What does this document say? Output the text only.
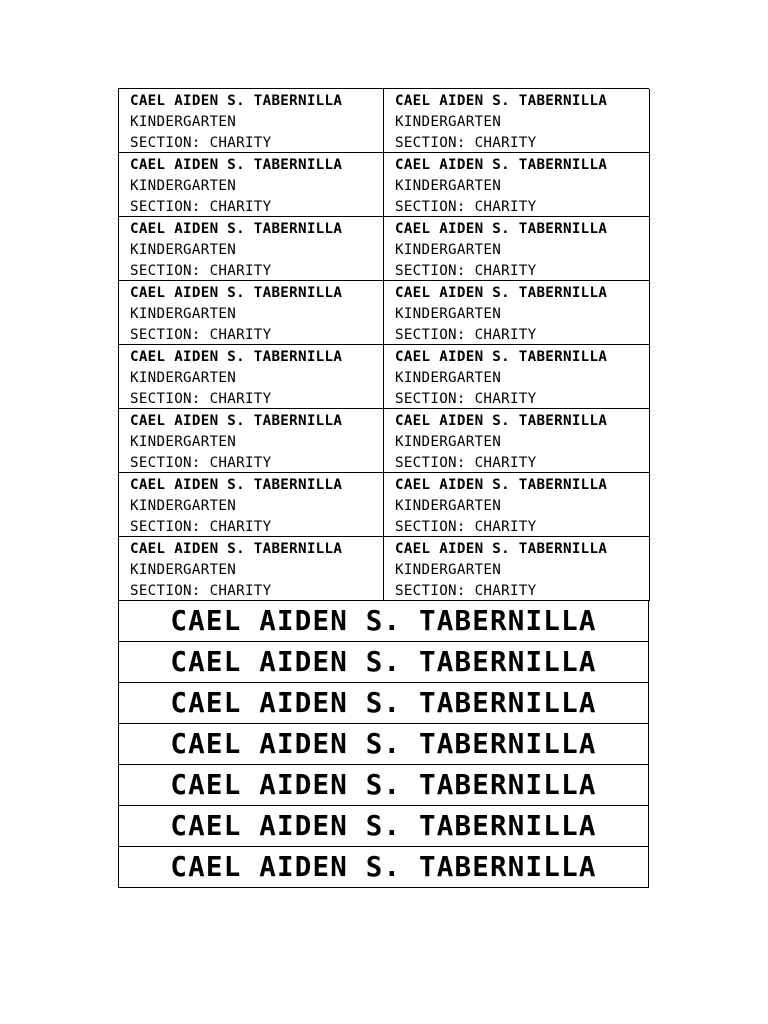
CAEL AIDEN S. TABERNILLA
KINDERGARTEN
SECTION: CHARITY
CAEL AIDEN S. TABERNILLA
KINDERGARTEN
SECTION: CHARITY
CAEL AIDEN S. TABERNILLA
KINDERGARTEN
SECTION: CHARITY
CAEL AIDEN S. TABERNILLA
KINDERGARTEN
SECTION: CHARITY
CAEL AIDEN S. TABERNILLA
KINDERGARTEN
SECTION: CHARITY
CAEL AIDEN S. TABERNILLA
KINDERGARTEN
SECTION: CHARITY
CAEL AIDEN S. TABERNILLA
KINDERGARTEN
SECTION: CHARITY
CAEL AIDEN S. TABERNILLA
KINDERGARTEN
SECTION: CHARITY
CAEL AIDEN S. TABERNILLA
KINDERGARTEN
SECTION: CHARITY
CAEL AIDEN S. TABERNILLA
KINDERGARTEN
SECTION: CHARITY
CAEL AIDEN S. TABERNILLA
KINDERGARTEN
SECTION: CHARITY
CAEL AIDEN S. TABERNILLA
KINDERGARTEN
SECTION: CHARITY
CAEL AIDEN S. TABERNILLA
KINDERGARTEN
SECTION: CHARITY
CAEL AIDEN S. TABERNILLA
KINDERGARTEN
SECTION: CHARITY
CAEL AIDEN S. TABERNILLA
KINDERGARTEN
SECTION: CHARITY
CAEL AIDEN S. TABERNILLA
KINDERGARTEN
SECTION: CHARITY
CAEL AIDEN S. TABERNILLA
CAEL AIDEN S. TABERNILLA
CAEL AIDEN S. TABERNILLA
CAEL AIDEN S. TABERNILLA
CAEL AIDEN S. TABERNILLA
CAEL AIDEN S. TABERNILLA
CAEL AIDEN S. TABERNILLA
